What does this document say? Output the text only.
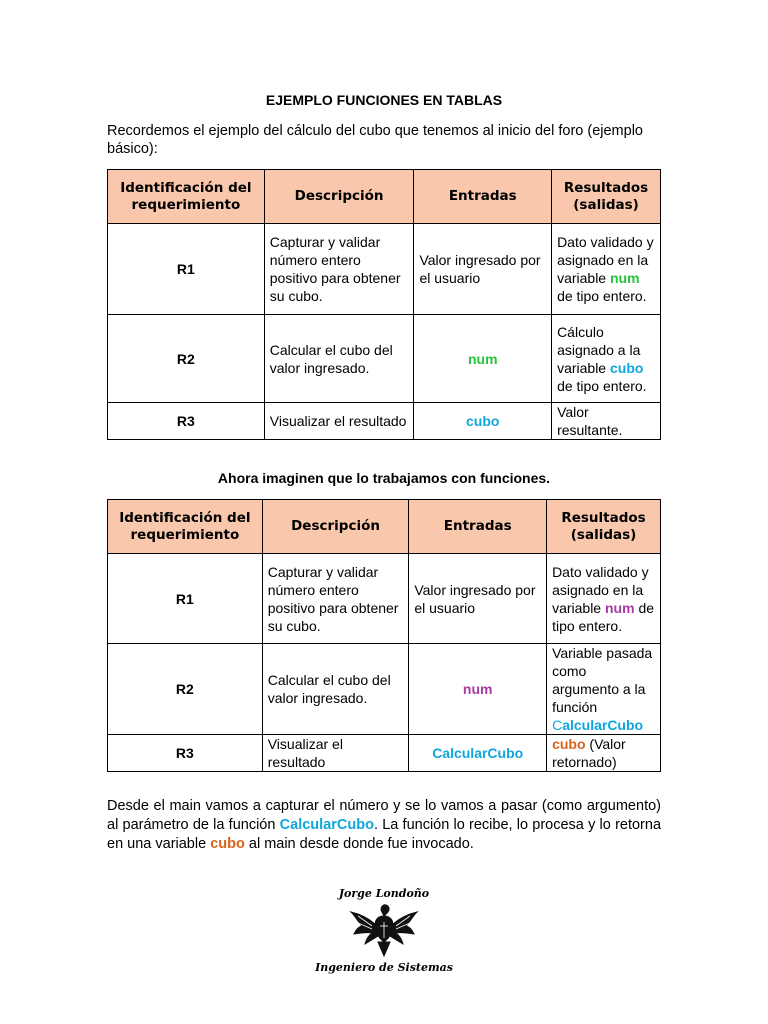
EJEMPLO FUNCIONES EN TABLAS
Recordemos el ejemplo del cálculo del cubo que tenemos al inicio del foro (ejemplo básico):
Identificación del requerimiento	Descripción	Entradas	Resultados (salidas)
R1	Capturar y validar número entero positivo para obtener su cubo.	Valor ingresado por el usuario	Dato validado y asignado en la variable num de tipo entero.
R2	Calcular el cubo del valor ingresado.	num	Cálculo asignado a la variable cubo de tipo entero.
R3	Visualizar el resultado	cubo	Valor resultante.
Ahora imaginen que lo trabajamos con funciones.
Identificación del requerimiento	Descripción	Entradas	Resultados (salidas)
R1	Capturar y validar número entero positivo para obtener su cubo.	Valor ingresado por el usuario	Dato validado y asignado en la variable num de tipo entero.
R2	Calcular el cubo del valor ingresado.	num	Variable pasada como argumento a la función CalcularCubo
R3	Visualizar el resultado	CalcularCubo	cubo (Valor retornado)
Desde el main vamos a capturar el número y se lo vamos a pasar (como argumento) al parámetro de la función CalcularCubo. La función lo recibe, lo procesa y lo retorna en una variable cubo al main desde donde fue invocado.
Jorge Londoño
Ingeniero de Sistemas
